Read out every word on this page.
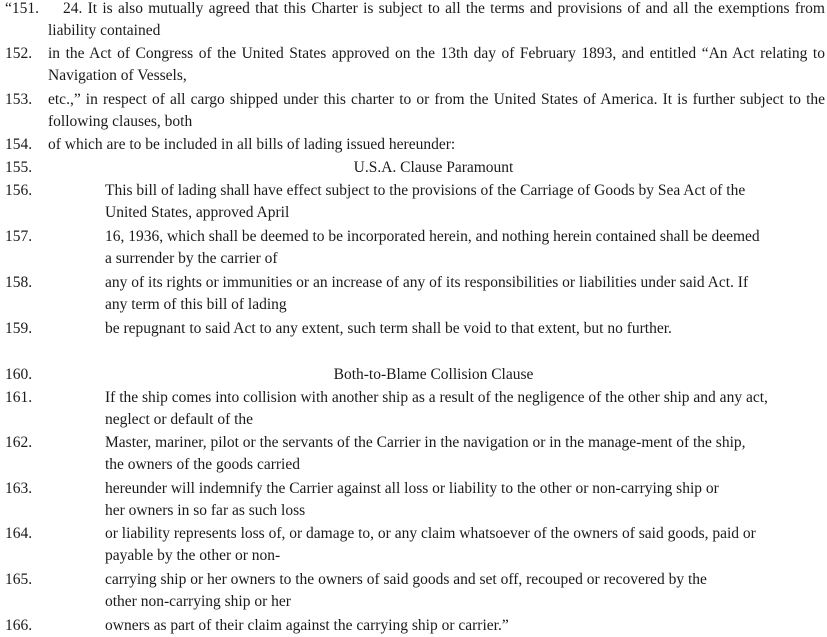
“151.	24. It is also mutually agreed that this Charter is subject to all the terms and provisions of and all the exemptions from liability contained
152. in the Act of Congress of the United States approved on the 13th day of February 1893, and entitled “An Act relating to Navigation of Vessels,
153. etc.,” in respect of all cargo shipped under this charter to or from the United States of America. It is further subject to the following clauses, both
154. of which are to be included in all bills of lading issued hereunder:
155.	U.S.A. Clause Paramount
156.	This bill of lading shall have effect subject to the provisions of the Carriage of Goods by Sea Act of the United States, approved April
157.	16, 1936, which shall be deemed to be incorporated herein, and nothing herein contained shall be deemed a surrender by the carrier of
158.	any of its rights or immunities or an increase of any of its responsibilities or liabilities under said Act. If any term of this bill of lading
159.	be repugnant to said Act to any extent, such term shall be void to that extent, but no further.
160.	Both-to-Blame Collision Clause
161.	If the ship comes into collision with another ship as a result of the negligence of the other ship and any act, neglect or default of the
162.	Master, mariner, pilot or the servants of the Carrier in the navigation or in the manage-ment of the ship, the owners of the goods carried
163.	hereunder will indemnify the Carrier against all loss or liability to the other or non-carrying ship or her owners in so far as such loss
164.	or liability represents loss of, or damage to, or any claim whatsoever of the owners of said goods, paid or payable by the other or non-
165.	carrying ship or her owners to the owners of said goods and set off, recouped or recovered by the other non-carrying ship or her
166.	owners as part of their claim against the carrying ship or carrier.”
